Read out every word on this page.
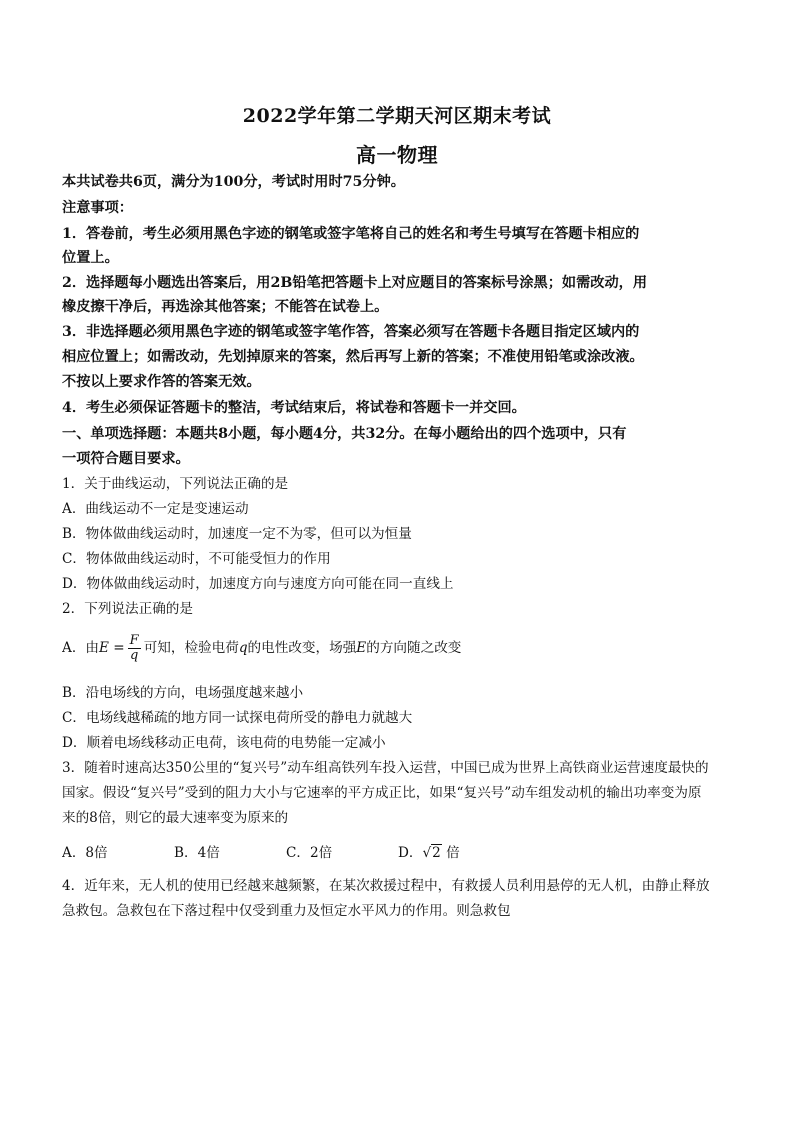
2022学年第二学期天河区期末考试
高一物理
本共试卷共6页，满分为100分，考试时用时75分钟。
注意事项：
1．答卷前，考生必须用黑色字迹的钢笔或签字笔将自己的姓名和考生号填写在答题卡相应的
位置上。
2．选择题每小题选出答案后，用2B铅笔把答题卡上对应题目的答案标号涂黑；如需改动，用
橡皮擦干净后，再选涂其他答案；不能答在试卷上。
3．非选择题必须用黑色字迹的钢笔或签字笔作答，答案必须写在答题卡各题目指定区域内的
相应位置上；如需改动，先划掉原来的答案，然后再写上新的答案；不准使用铅笔或涂改液。
不按以上要求作答的答案无效。
4．考生必须保证答题卡的整洁，考试结束后，将试卷和答题卡一并交回。
一、单项选择题：本题共8小题，每小题4分，共32分。在每小题给出的四个选项中，只有
一项符合题目要求。
1．关于曲线运动，下列说法正确的是
A．曲线运动不一定是变速运动
B．物体做曲线运动时，加速度一定不为零，但可以为恒量
C．物体做曲线运动时，不可能受恒力的作用
D．物体做曲线运动时，加速度方向与速度方向可能在同一直线上
2．下列说法正确的是
A．由$E = \frac{F}{q}$ 可知，检验电荷q的电性改变，场强E的方向随之改变
B．沿电场线的方向，电场强度越来越小
C．电场线越稀疏的地方同一试探电荷所受的静电力就越大
D．顺着电场线移动正电荷，该电荷的电势能一定减小
3．随着时速高达350公里的“复兴号”动车组高铁列车投入运营，中国已成为世界上高铁商业运营速度最快的
国家。假设“复兴号”受到的阻力大小与它速率的平方成正比，如果“复兴号”动车组发动机的输出功率变为原
来的8倍，则它的最大速率变为原来的
A．8倍	B．4倍	C．2倍	D．√2 倍
4．近年来，无人机的使用已经越来越频繁，在某次救援过程中，有救援人员利用悬停的无人机，由静止释放
急救包。急救包在下落过程中仅受到重力及恒定水平风力的作用。则急救包
